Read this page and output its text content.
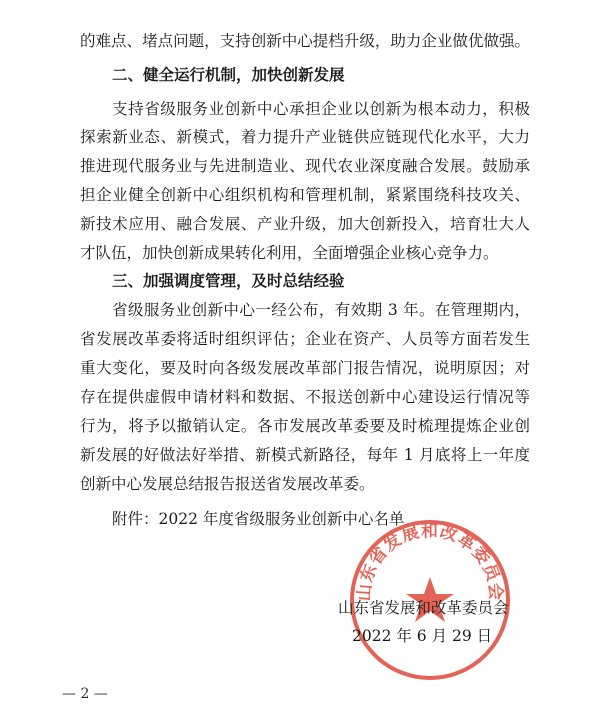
的难点、堵点问题，支持创新中心提档升级，助力企业做优做强。
二、健全运行机制，加快创新发展
支持省级服务业创新中心承担企业以创新为根本动力，积极
探索新业态、新模式，着力提升产业链供应链现代化水平，大力
推进现代服务业与先进制造业、现代农业深度融合发展。鼓励承
担企业健全创新中心组织机构和管理机制，紧紧围绕科技攻关、
新技术应用、融合发展、产业升级，加大创新投入，培育壮大人
才队伍，加快创新成果转化利用，全面增强企业核心竞争力。
三、加强调度管理，及时总结经验
省级服务业创新中心一经公布，有效期 3 年。在管理期内，
省发展改革委将适时组织评估；企业在资产、人员等方面若发生
重大变化，要及时向各级发展改革部门报告情况，说明原因；对
存在提供虚假申请材料和数据、不报送创新中心建设运行情况等
行为，将予以撤销认定。各市发展改革委要及时梳理提炼企业创
新发展的好做法好举措、新模式新路径，每年 1 月底将上一年度
创新中心发展总结报告报送省发展改革委。
附件：2022 年度省级服务业创新中心名单
山东省发展和改革委员会
山东省发展和改革委员会
2022 年 6 月 29 日
— 2 —
